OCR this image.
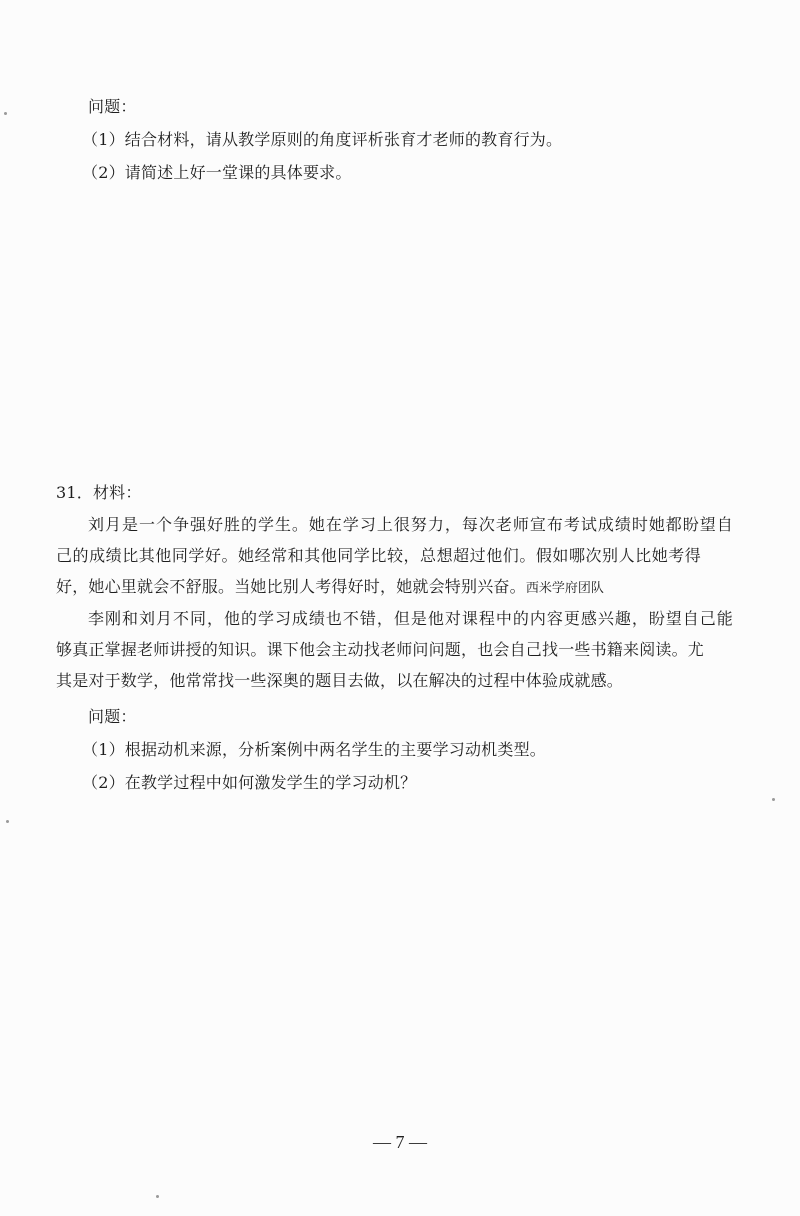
问题：
（1）结合材料，请从教学原则的角度评析张育才老师的教育行为。
（2）请简述上好一堂课的具体要求。
31．材料：
刘月是一个争强好胜的学生。她在学习上很努力，每次老师宣布考试成绩时她都盼望自
己的成绩比其他同学好。她经常和其他同学比较，总想超过他们。假如哪次别人比她考得
好，她心里就会不舒服。当她比别人考得好时，她就会特别兴奋。西米学府团队
李刚和刘月不同，他的学习成绩也不错，但是他对课程中的内容更感兴趣，盼望自己能
够真正掌握老师讲授的知识。课下他会主动找老师问问题，也会自己找一些书籍来阅读。尤
其是对于数学，他常常找一些深奥的题目去做，以在解决的过程中体验成就感。
问题：
（1）根据动机来源，分析案例中两名学生的主要学习动机类型。
（2）在教学过程中如何激发学生的学习动机？
— 7 —
